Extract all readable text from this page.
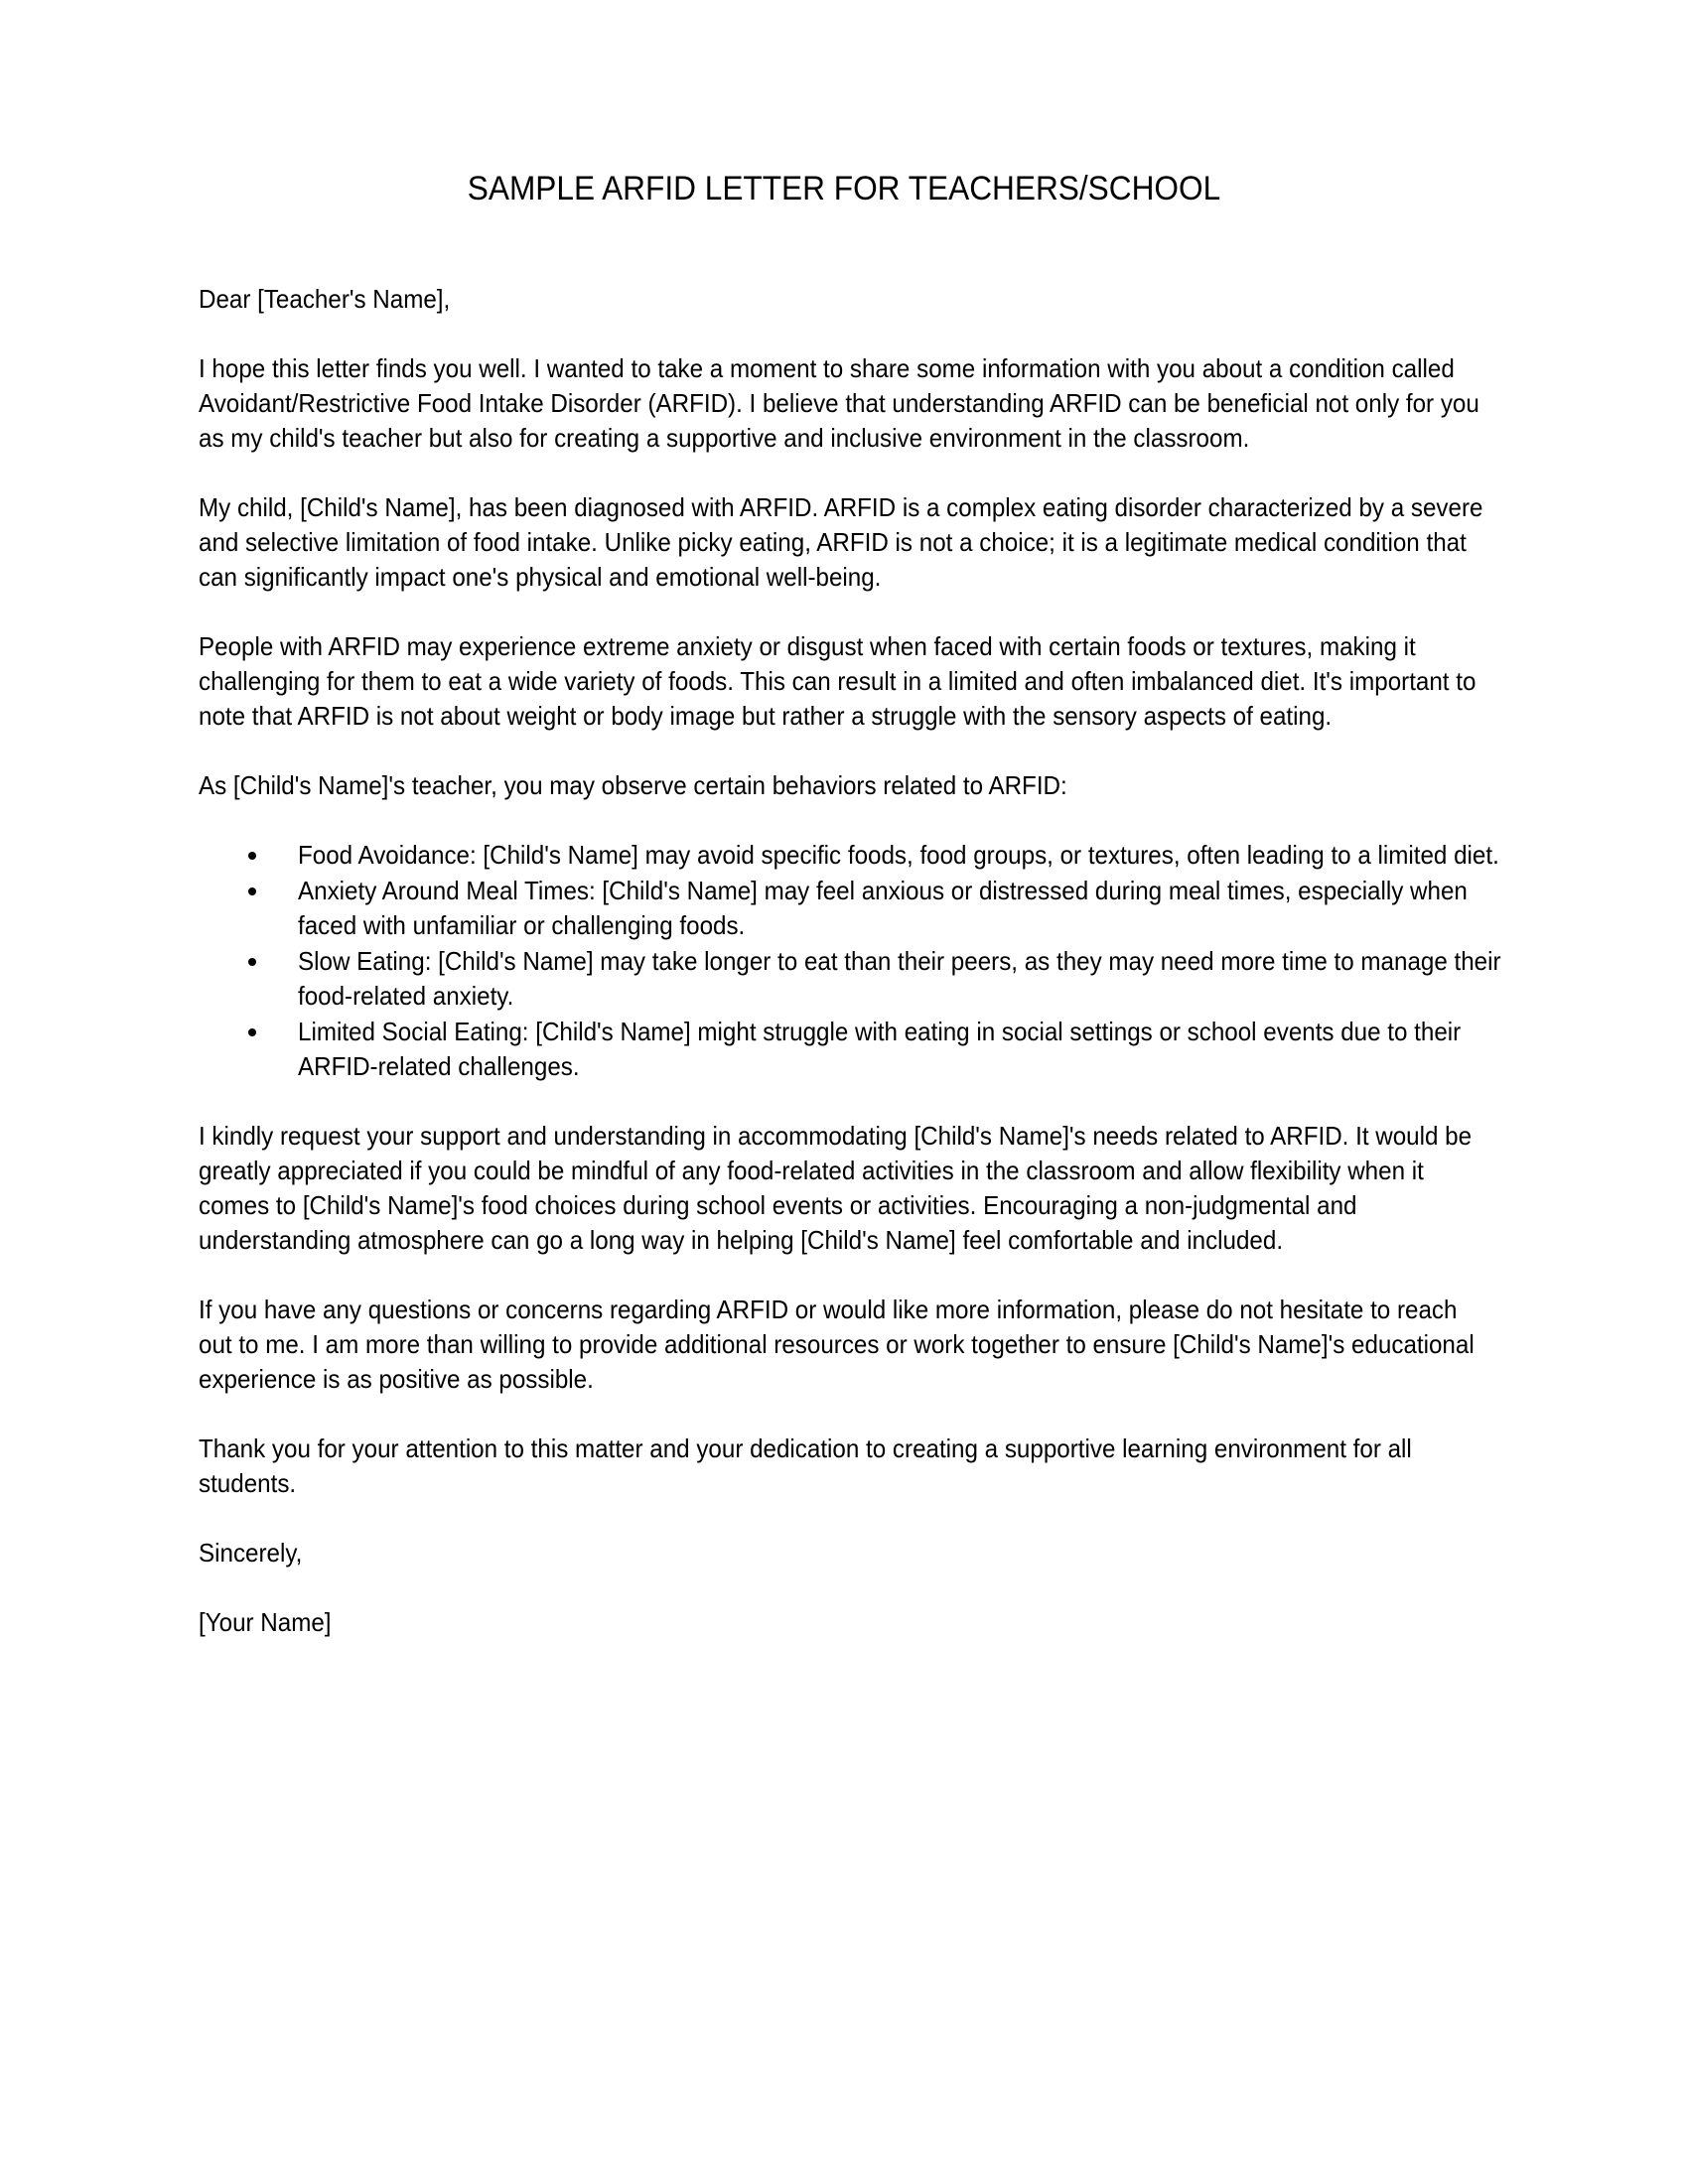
SAMPLE ARFID LETTER FOR TEACHERS/SCHOOL

Dear [Teacher's Name],

I hope this letter finds you well. I wanted to take a moment to share some information with you about a condition called Avoidant/Restrictive Food Intake Disorder (ARFID). I believe that understanding ARFID can be beneficial not only for you as my child's teacher but also for creating a supportive and inclusive environment in the classroom.

My child, [Child's Name], has been diagnosed with ARFID. ARFID is a complex eating disorder characterized by a severe and selective limitation of food intake. Unlike picky eating, ARFID is not a choice; it is a legitimate medical condition that can significantly impact one's physical and emotional well-being.

People with ARFID may experience extreme anxiety or disgust when faced with certain foods or textures, making it challenging for them to eat a wide variety of foods. This can result in a limited and often imbalanced diet. It's important to note that ARFID is not about weight or body image but rather a struggle with the sensory aspects of eating.

As [Child's Name]'s teacher, you may observe certain behaviors related to ARFID:

Food Avoidance: [Child's Name] may avoid specific foods, food groups, or textures, often leading to a limited diet.
Anxiety Around Meal Times: [Child's Name] may feel anxious or distressed during meal times, especially when faced with unfamiliar or challenging foods.
Slow Eating: [Child's Name] may take longer to eat than their peers, as they may need more time to manage their food-related anxiety.
Limited Social Eating: [Child's Name] might struggle with eating in social settings or school events due to their ARFID-related challenges.

I kindly request your support and understanding in accommodating [Child's Name]'s needs related to ARFID. It would be greatly appreciated if you could be mindful of any food-related activities in the classroom and allow flexibility when it comes to [Child's Name]'s food choices during school events or activities. Encouraging a non-judgmental and understanding atmosphere can go a long way in helping [Child's Name] feel comfortable and included.

If you have any questions or concerns regarding ARFID or would like more information, please do not hesitate to reach out to me. I am more than willing to provide additional resources or work together to ensure [Child's Name]'s educational experience is as positive as possible.

Thank you for your attention to this matter and your dedication to creating a supportive learning environment for all students.

Sincerely,

[Your Name]
